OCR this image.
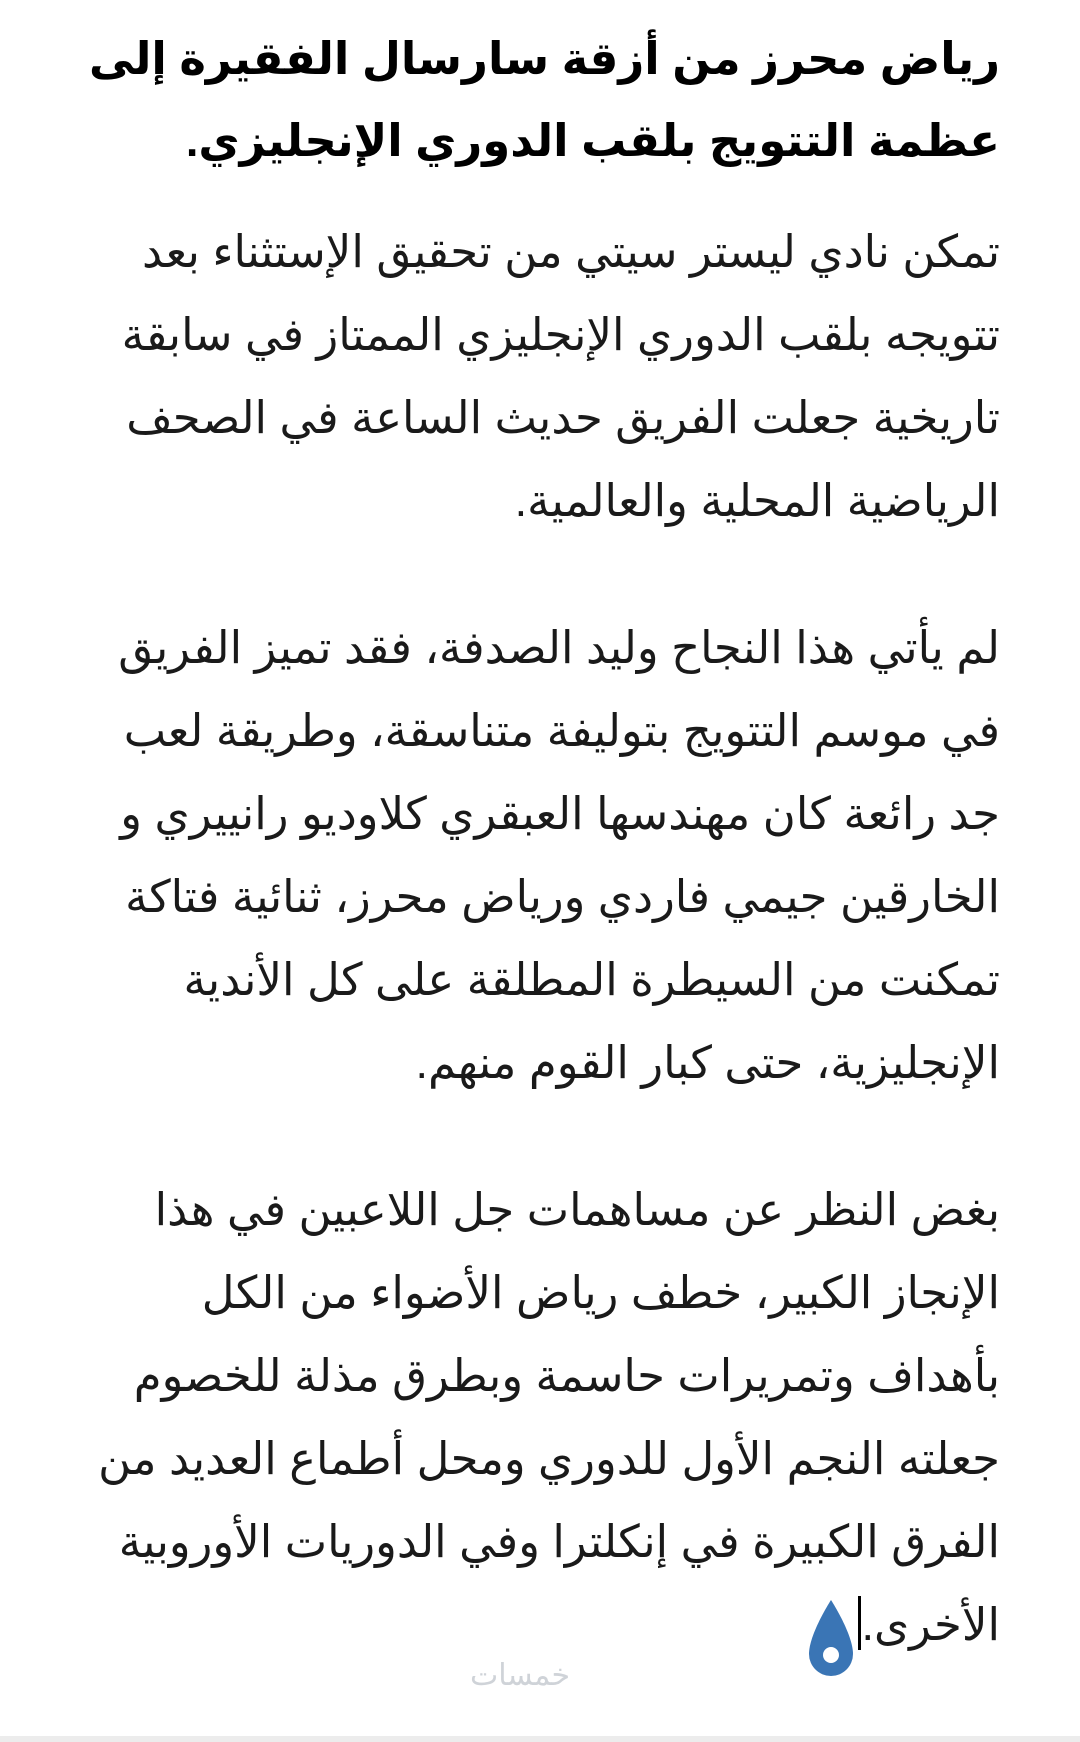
رياض محرز من أزقة سارسال الفقيرة إلى عظمة التتويج بلقب الدوري الإنجليزي.

تمكن نادي ليستر سيتي من تحقيق الإستثناء بعد تتويجه بلقب الدوري الإنجليزي الممتاز في سابقة تاريخية جعلت الفريق حديث الساعة في الصحف الرياضية المحلية والعالمية.

لم يأتي هذا النجاح وليد الصدفة، فقد تميز الفريق في موسم التتويج بتوليفة متناسقة، وطريقة لعب جد رائعة كان مهندسها العبقري كلاوديو رانييري و الخارقين جيمي فاردي ورياض محرز، ثنائية فتاكة تمكنت من السيطرة المطلقة على كل الأندية الإنجليزية، حتى كبار القوم منهم.

بغض النظر عن مساهمات جل اللاعبين في هذا الإنجاز الكبير، خطف رياض الأضواء من الكل بأهداف وتمريرات حاسمة وبطرق مذلة للخصوم جعلته النجم الأول للدوري ومحل أطماع العديد من الفرق الكبيرة في إنكلترا وفي الدوريات الأوروبية الأخرى.

خمسات
